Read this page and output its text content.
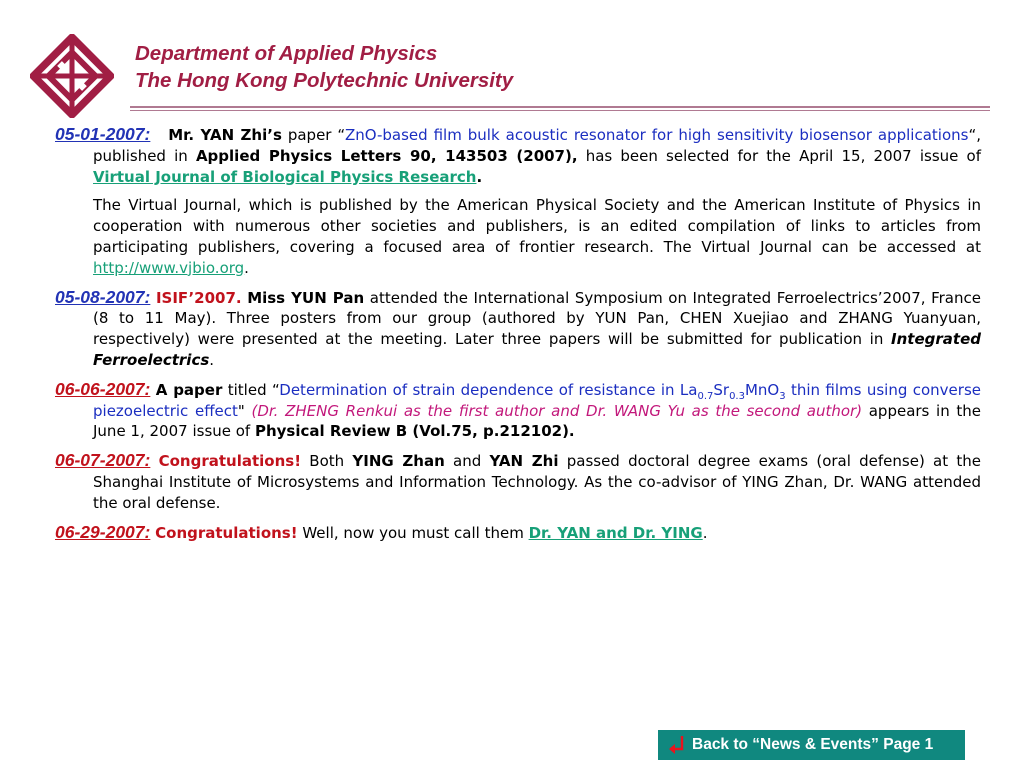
Department of Applied Physics
The Hong Kong Polytechnic University

05-01-2007: Mr. YAN Zhi’s paper “ZnO-based film bulk acoustic resonator for high sensitivity biosensor applications“, published in Applied Physics Letters 90, 143503 (2007), has been selected for the April 15, 2007 issue of Virtual Journal of Biological Physics Research.

The Virtual Journal, which is published by the American Physical Society and the American Institute of Physics in cooperation with numerous other societies and publishers, is an edited compilation of links to articles from participating publishers, covering a focused area of frontier research. The Virtual Journal can be accessed at http://www.vjbio.org.

05-08-2007: ISIF’2007. Miss YUN Pan attended the International Symposium on Integrated Ferroelectrics’2007, France (8 to 11 May). Three posters from our group (authored by YUN Pan, CHEN Xuejiao and ZHANG Yuanyuan, respectively) were presented at the meeting. Later three papers will be submitted for publication in Integrated Ferroelectrics.

06-06-2007: A paper titled “Determination of strain dependence of resistance in $La_{0.7}Sr_{0.3}MnO_3$ thin films using converse piezoelectric effect" (Dr. ZHENG Renkui as the first author and Dr. WANG Yu as the second author) appears in the June 1, 2007 issue of Physical Review B (Vol.75, p.212102).

06-07-2007: Congratulations! Both YING Zhan and YAN Zhi passed doctoral degree exams (oral defense) at the Shanghai Institute of Microsystems and Information Technology. As the co-advisor of YING Zhan, Dr. WANG attended the oral defense.

06-29-2007: Congratulations! Well, now you must call them Dr. YAN and Dr. YING.

Back to “News & Events” Page 1
